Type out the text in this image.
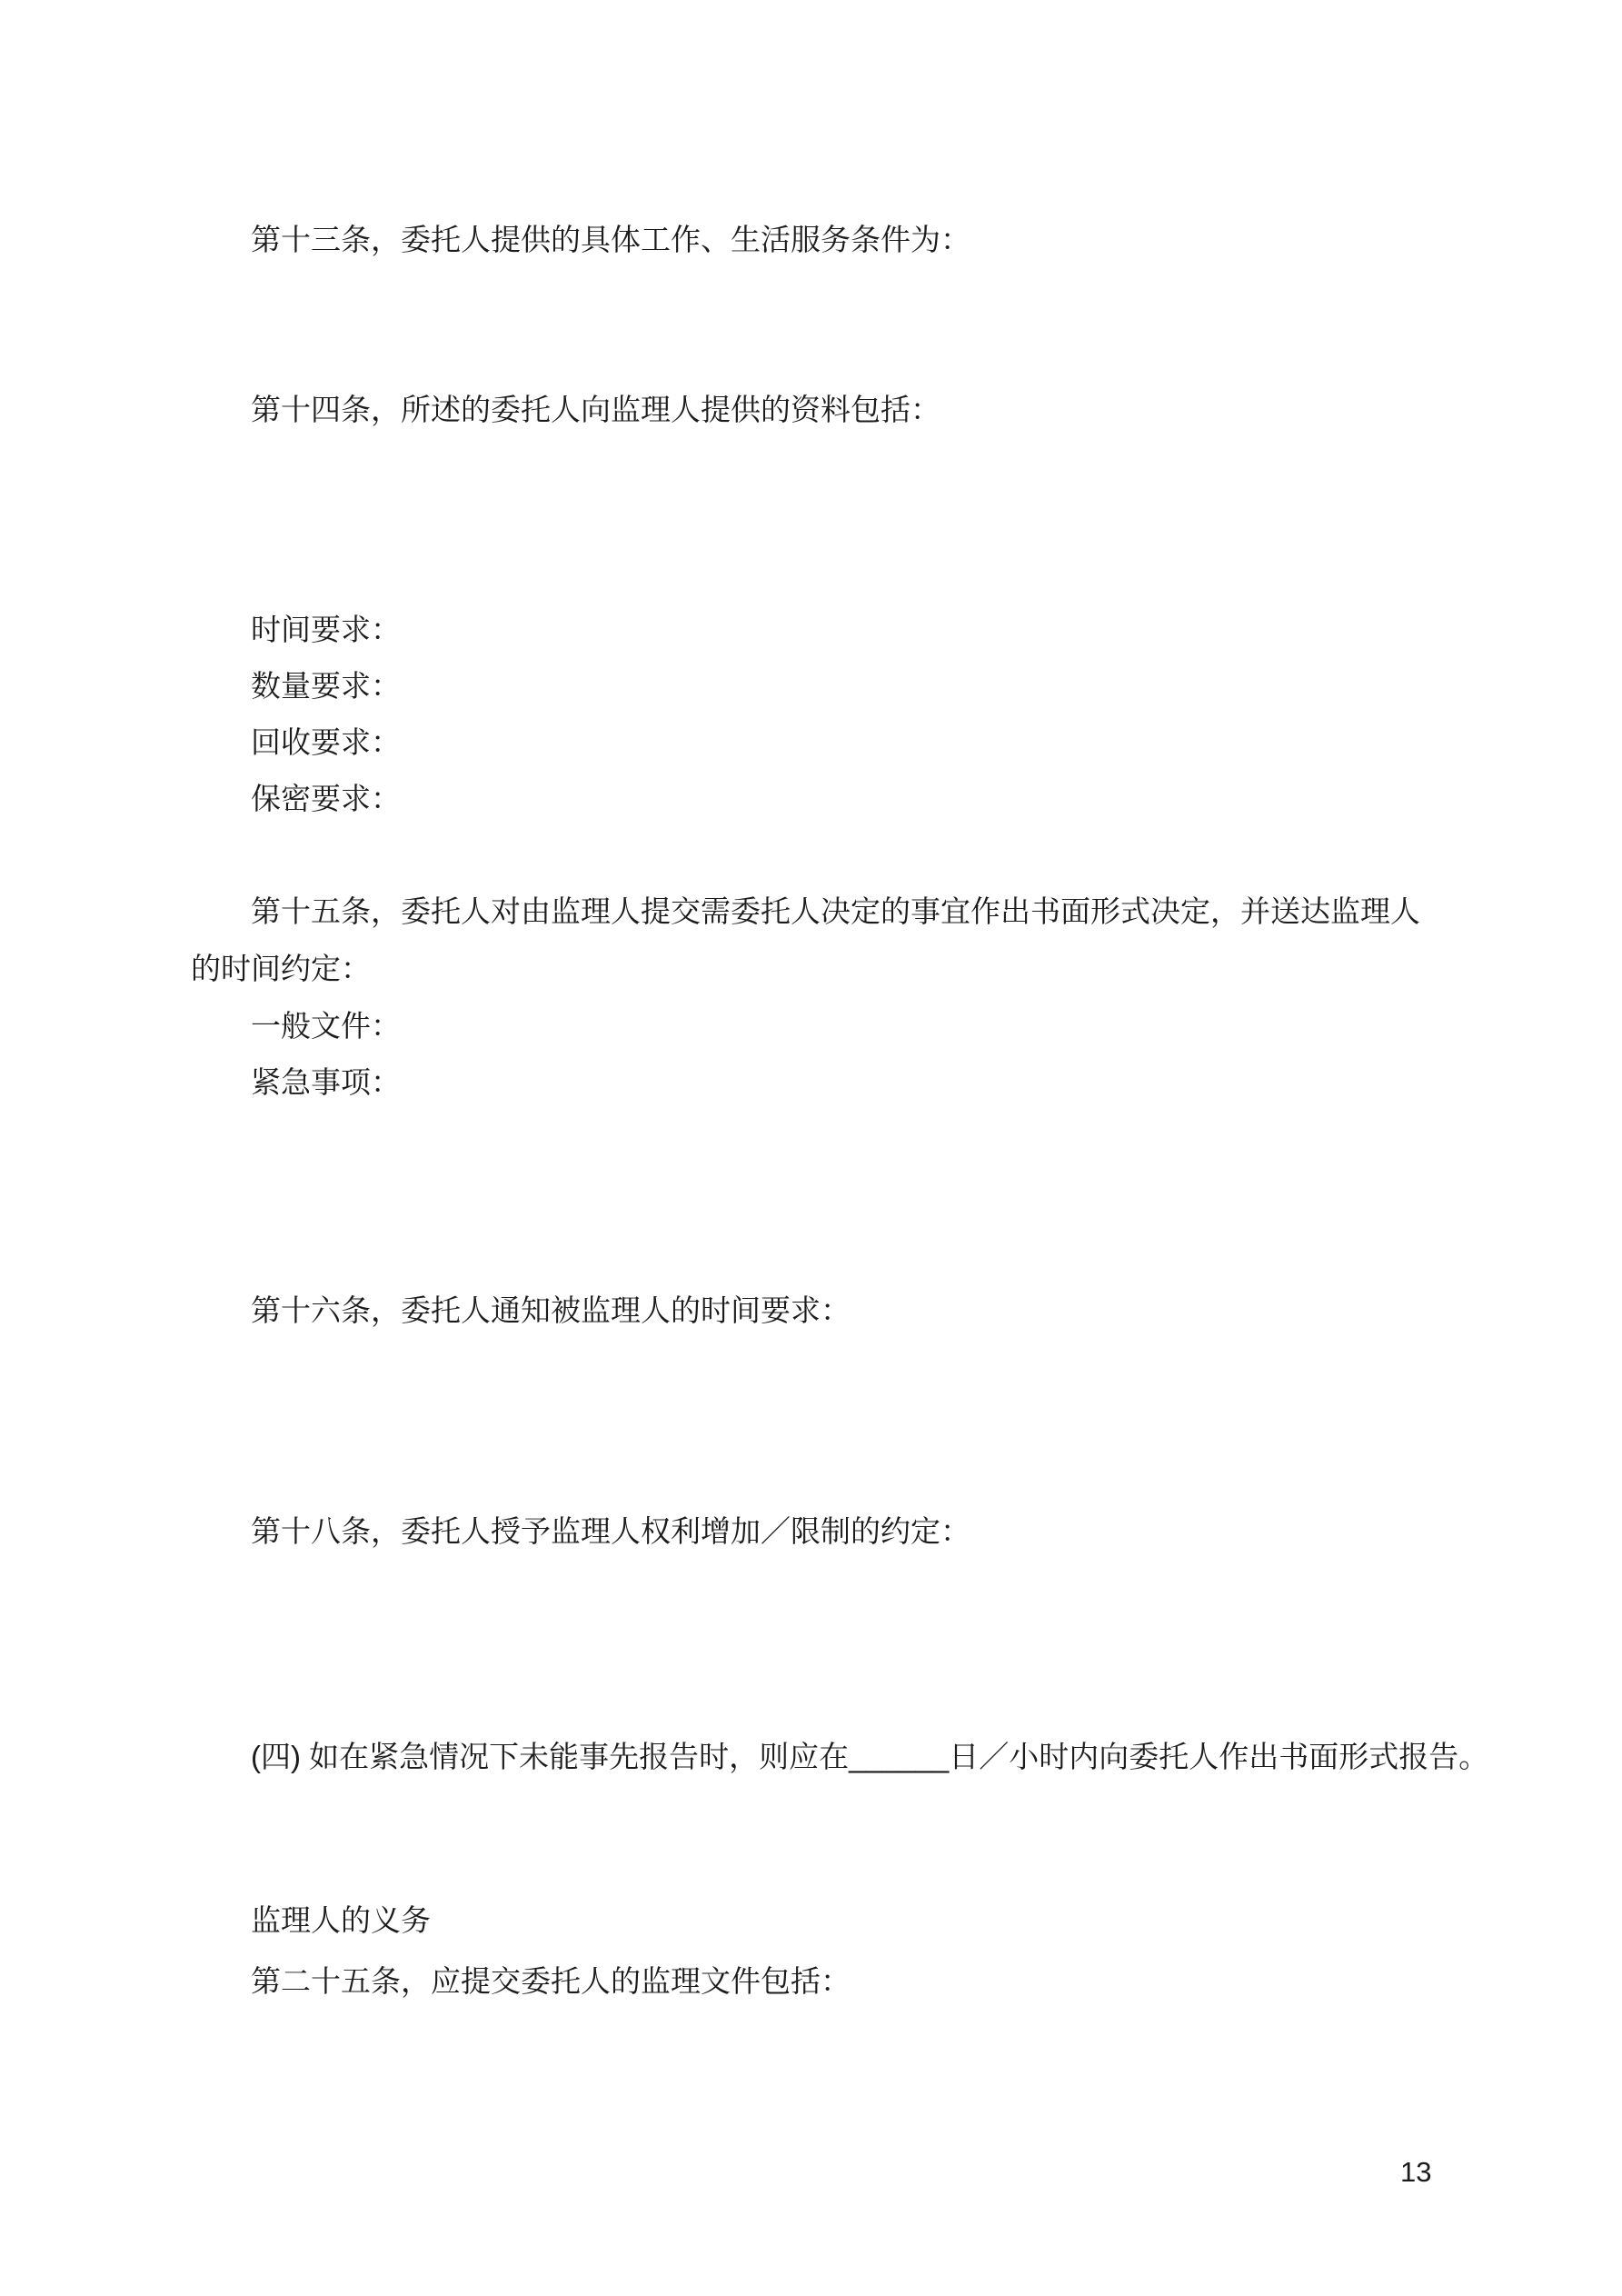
第十三条，委托人提供的具体工作、生活服务条件为：
第十四条，所述的委托人向监理人提供的资料包括：
时间要求：
数量要求：
回收要求：
保密要求：
第十五条，委托人对由监理人提交需委托人决定的事宜作出书面形式决定，并送达监理人
的时间约定：
一般文件：
紧急事项：
第十六条，委托人通知被监理人的时间要求：
第十八条，委托人授予监理人权利增加／限制的约定：
(四) 如在紧急情况下未能事先报告时，则应在______日／小时内向委托人作出书面形式报告。
监理人的义务
第二十五条，应提交委托人的监理文件包括：
13
